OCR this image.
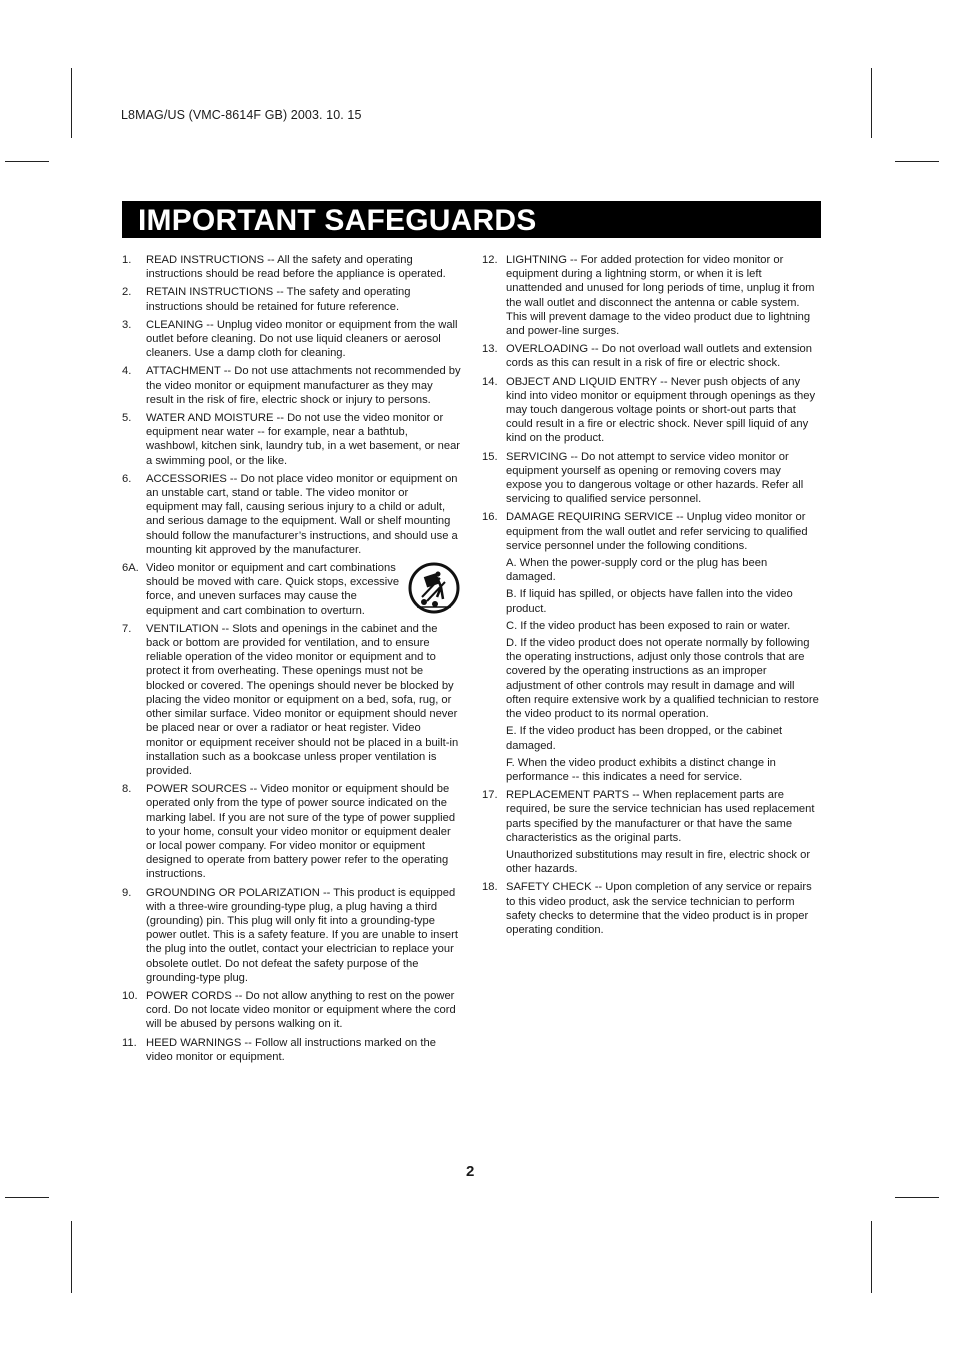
L8MAG/US (VMC-8614F GB) 2003. 10. 15
IMPORTANT SAFEGUARDS
1.	READ INSTRUCTIONS -- All the safety and operating instructions should be read before the appliance is operated.
2.	RETAIN INSTRUCTIONS -- The safety and operating instructions should be retained for future reference.
3.	CLEANING -- Unplug video monitor or equipment from the wall outlet before cleaning. Do not use liquid cleaners or aerosol cleaners. Use a damp cloth for cleaning.
4.	ATTACHMENT -- Do not use attachments not recommended by the video monitor or equipment manufacturer as they may result in the risk of fire, electric shock or injury to persons.
5.	WATER AND MOISTURE -- Do not use the video monitor or equipment near water -- for example, near a bathtub, washbowl, kitchen sink, laundry tub, in a wet basement, or near a swimming pool, or the like.
6.	ACCESSORIES -- Do not place video monitor or equipment on an unstable cart, stand or table. The video monitor or equipment may fall, causing serious injury to a child or adult, and serious damage to the equipment. Wall or shelf mounting should follow the manufacturer’s instructions, and should use a mounting kit approved by the manufacturer.
6A. Video monitor or equipment and cart combinations should be moved with care. Quick stops, excessive force, and uneven surfaces may cause the equipment and cart combination to overturn.
7.	VENTILATION -- Slots and openings in the cabinet and the back or bottom are provided for ventilation, and to ensure reliable operation of the video monitor or equipment and to protect it from overheating. These openings must not be blocked or covered. The openings should never be blocked by placing the video monitor or equipment on a bed, sofa, rug, or other similar surface. Video monitor or equipment should never be placed near or over a radiator or heat register. Video monitor or equipment receiver should not be placed in a built-in installation such as a bookcase unless proper ventilation is provided.
8.	POWER SOURCES -- Video monitor or equipment should be operated only from the type of power source indicated on the marking label. If you are not sure of the type of power supplied to your home, consult your video monitor or equipment dealer or local power company. For video monitor or equipment designed to operate from battery power refer to the operating instructions.
9.	GROUNDING OR POLARIZATION -- This product is equipped with a three-wire grounding-type plug, a plug having a third (grounding) pin. This plug will only fit into a grounding-type power outlet. This is a safety feature. If you are unable to insert the plug into the outlet, contact your electrician to replace your obsolete outlet. Do not defeat the safety purpose of the grounding-type plug.
10. POWER CORDS -- Do not allow anything to rest on the power cord. Do not locate video monitor or equipment where the cord will be abused by persons walking on it.
11. HEED WARNINGS -- Follow all instructions marked on the video monitor or equipment.
12. LIGHTNING -- For added protection for video monitor or equipment during a lightning storm, or when it is left unattended and unused for long periods of time, unplug it from the wall outlet and disconnect the antenna or cable system. This will prevent damage to the video product due to lightning and power-line surges.
13. OVERLOADING -- Do not overload wall outlets and extension cords as this can result in a risk of fire or electric shock.
14. OBJECT AND LIQUID ENTRY -- Never push objects of any kind into video monitor or equipment through openings as they may touch dangerous voltage points or short-out parts that could result in a fire or electric shock. Never spill liquid of any kind on the product.
15. SERVICING -- Do not attempt to service video monitor or equipment yourself as opening or removing covers may expose you to dangerous voltage or other hazards. Refer all servicing to qualified service personnel.
16. DAMAGE REQUIRING SERVICE -- Unplug video monitor or equipment from the wall outlet and refer servicing to qualified service personnel under the following conditions.
A. When the power-supply cord or the plug has been damaged.
B. If liquid has spilled, or objects have fallen into the video product.
C. If the video product has been exposed to rain or water.
D. If the video product does not operate normally by following the operating instructions, adjust only those controls that are covered by the operating instructions as an improper adjustment of other controls may result in damage and will often require extensive work by a qualified technician to restore the video product to its normal operation.
E. If the video product has been dropped, or the cabinet damaged.
F. When the video product exhibits a distinct change in performance -- this indicates a need for service.
17. REPLACEMENT PARTS -- When replacement parts are required, be sure the service technician has used replacement parts specified by the manufacturer or that have the same characteristics as the original parts.
Unauthorized substitutions may result in fire, electric shock or other hazards.
18. SAFETY CHECK -- Upon completion of any service or repairs to this video product, ask the service technician to perform safety checks to determine that the video product is in proper operating condition.
2
